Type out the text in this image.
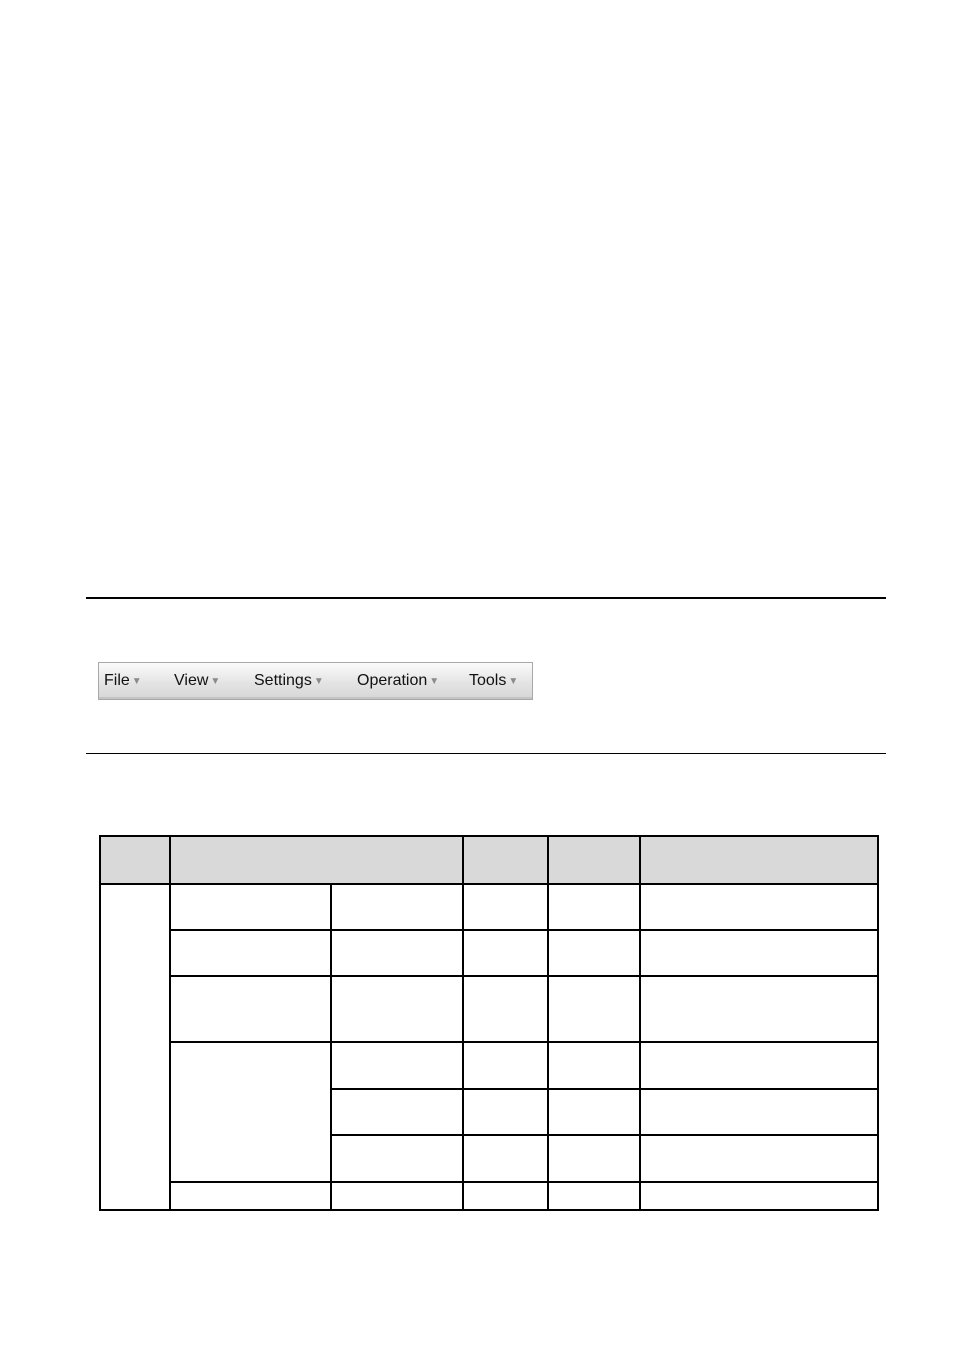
File ▼ View ▼ Settings ▼ Operation ▼ Tools ▼
